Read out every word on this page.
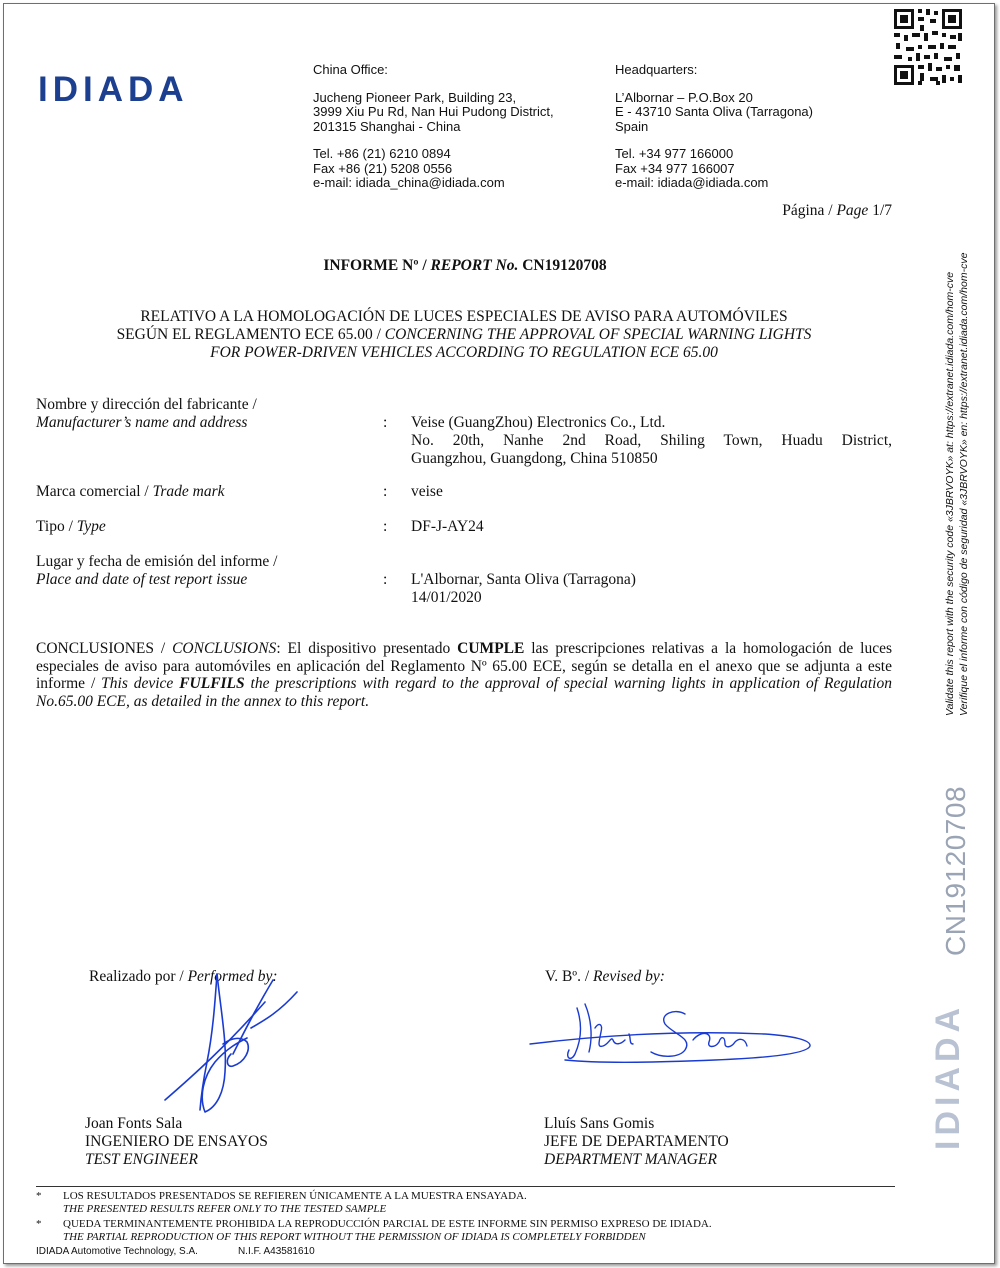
IDIADA
China Office:
Jucheng Pioneer Park, Building 23,
3999 Xiu Pu Rd, Nan Hui Pudong District,
201315 Shanghai - China
Tel. +86 (21) 6210 0894
Fax +86 (21) 5208 0556
e-mail: idiada_china@idiada.com
Headquarters:
L’Albornar – P.O.Box 20
E - 43710 Santa Oliva (Tarragona)
Spain
Tel. +34 977 166000
Fax +34 977 166007
e-mail: idiada@idiada.com
Página / Page 1/7
INFORME Nº / REPORT No. CN19120708
RELATIVO A LA HOMOLOGACIÓN DE LUCES ESPECIALES DE AVISO PARA AUTOMÓVILES
SEGÚN EL REGLAMENTO ECE 65.00 / CONCERNING THE APPROVAL OF SPECIAL WARNING LIGHTS
FOR POWER-DRIVEN VEHICLES ACCORDING TO REGULATION ECE 65.00
Nombre y dirección del fabricante /
Manufacturer’s name and address	: Veise (GuangZhou) Electronics Co., Ltd.
No. 20th, Nanhe 2nd Road, Shiling Town, Huadu District,
Guangzhou, Guangdong, China 510850
Marca comercial / Trade mark	: veise
Tipo / Type	: DF-J-AY24
Lugar y fecha de emisión del informe /
Place and date of test report issue	: L'Albornar, Santa Oliva (Tarragona)
14/01/2020
CONCLUSIONES / CONCLUSIONS: El dispositivo presentado CUMPLE las prescripciones relativas a la homologación de luces especiales de aviso para automóviles en aplicación del Reglamento Nº 65.00 ECE, según se detalla en el anexo que se adjunta a este informe / This device FULFILS the prescriptions with regard to the approval of special warning lights in application of Regulation No.65.00 ECE, as detailed in the annex to this report.
Realizado por / Performed by:	V. Bº. / Revised by:
Joan Fonts Sala
INGENIERO DE ENSAYOS
TEST ENGINEER
Lluís Sans Gomis
JEFE DE DEPARTAMENTO
DEPARTMENT MANAGER
* LOS RESULTADOS PRESENTADOS SE REFIEREN ÚNICAMENTE A LA MUESTRA ENSAYADA.
THE PRESENTED RESULTS REFER ONLY TO THE TESTED SAMPLE
* QUEDA TERMINANTEMENTE PROHIBIDA LA REPRODUCCIÓN PARCIAL DE ESTE INFORME SIN PERMISO EXPRESO DE IDIADA.
THE PARTIAL REPRODUCTION OF THIS REPORT WITHOUT THE PERMISSION OF IDIADA IS COMPLETELY FORBIDDEN
IDIADA Automotive Technology, S.A.	N.I.F. A43581610
Validate this report with the security code «3JBRVOYK» at: https://extranet.idiada.com/hom-cve Verifique el informe con código de seguridad «3JBRVOYK» en: https://extranet.idiada.com/hom-cve
CN19120708
IDIADA
